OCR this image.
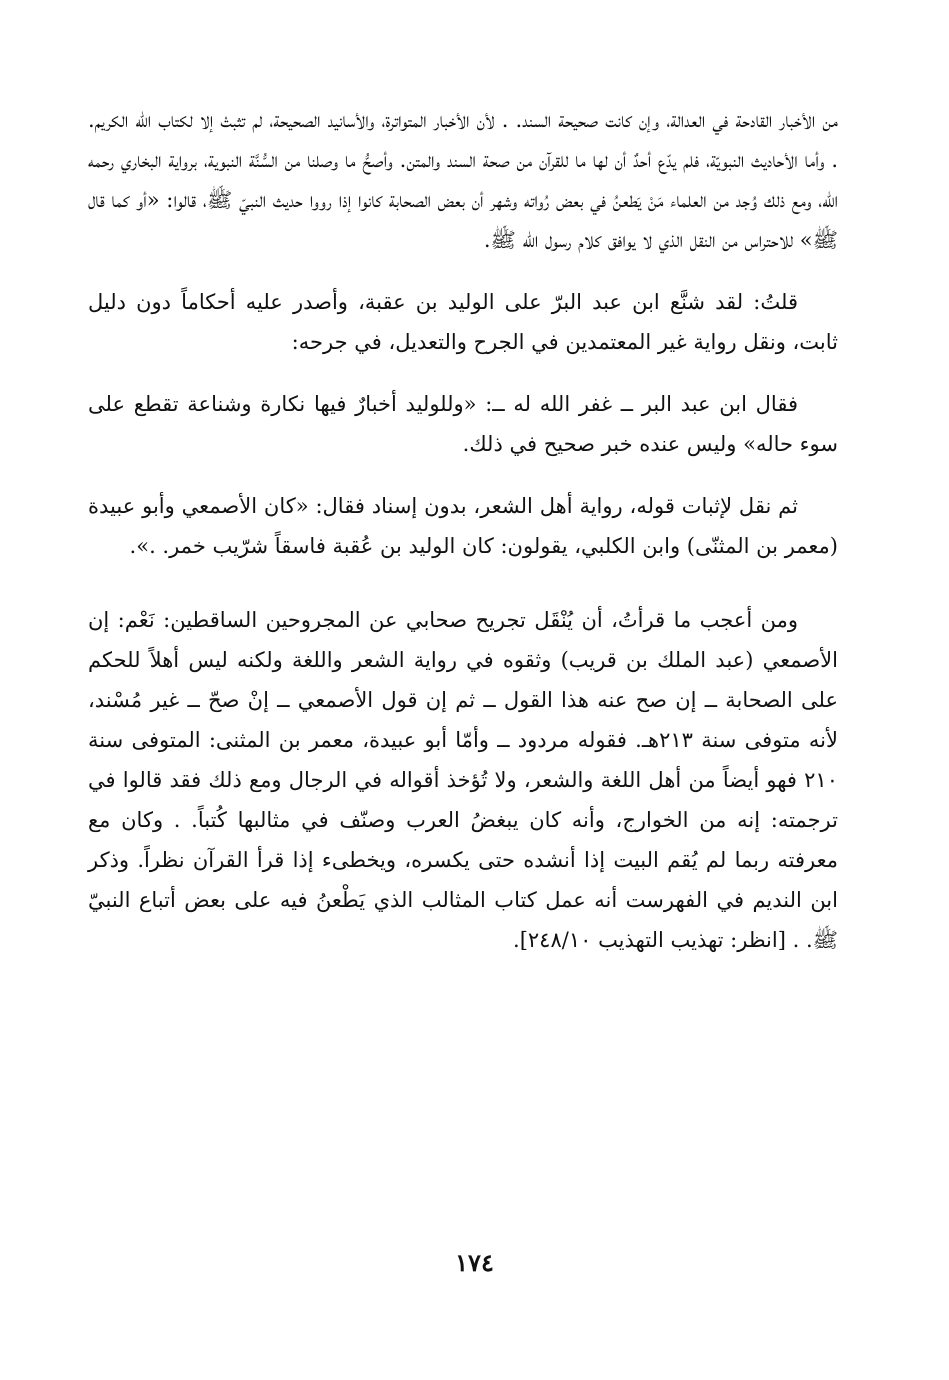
من الأخبار القادحة في العدالة، وإن كانت صحيحة السند. . لأن الأخبار المتواترة، والأسانيد الصحيحة، لم تثبتْ إلا لكتاب الله الكريم. . وأما الأحاديث النبويّة، فلم يدّع أحدٌ أن لها ما للقرآن من صحة السند والمتن. وأصحُّ ما وصلنا من السُّنَّة النبوية، برواية البخاري رحمه الله، ومع ذلك وُجد من العلماء مَنْ يَطعنُ في بعض رُواته وشهر أن بعض الصحابة كانوا إذا رووا حديث النبيّ ﷺ، قالوا: «أو كما قال ﷺ» للاحتراس من النقل الذي لا يوافق كلام رسول الله ﷺ.

قلتُ: لقد شنَّع ابن عبد البرّ على الوليد بن عقبة، وأصدر عليه أحكاماً دون دليل ثابت، ونقل رواية غير المعتمدين في الجرح والتعديل، في جرحه:

فقال ابن عبد البر ــ غفر الله له ــ: «وللوليد أخبارٌ فيها نكارة وشناعة تقطع على سوء حاله» وليس عنده خبر صحيح في ذلك.

ثم نقل لإثبات قوله، رواية أهل الشعر، بدون إسناد فقال: «كان الأصمعي وأبو عبيدة (معمر بن المثنّى) وابن الكلبي، يقولون: كان الوليد بن عُقبة فاسقاً شرّيب خمر. .».

ومن أعجب ما قرأتُ، أن يُنْقَل تجريح صحابي عن المجروحين الساقطين: نَعْم: إن الأصمعي (عبد الملك بن قريب) وثقوه في رواية الشعر واللغة ولكنه ليس أهلاً للحكم على الصحابة ــ إن صح عنه هذا القول ــ ثم إن قول الأصمعي ــ إنْ صحّ ــ غير مُسْند، لأنه متوفى سنة ٢١٣هـ. فقوله مردود ــ وأمّا أبو عبيدة، معمر بن المثنى: المتوفى سنة ٢١٠ فهو أيضاً من أهل اللغة والشعر، ولا تُؤخذ أقواله في الرجال ومع ذلك فقد قالوا في ترجمته: إنه من الخوارج، وأنه كان يبغضُ العرب وصنّف في مثالبها كُتباً. . وكان مع معرفته ربما لم يُقم البيت إذا أنشده حتى يكسره، ويخطىء إذا قرأ القرآن نظراً. وذكر ابن النديم في الفهرست أنه عمل كتاب المثالب الذي يَطْعنُ فيه على بعض أتباع النبيّ ﷺ. . [انظر: تهذيب التهذيب ٢٤٨/١٠].

١٧٤
